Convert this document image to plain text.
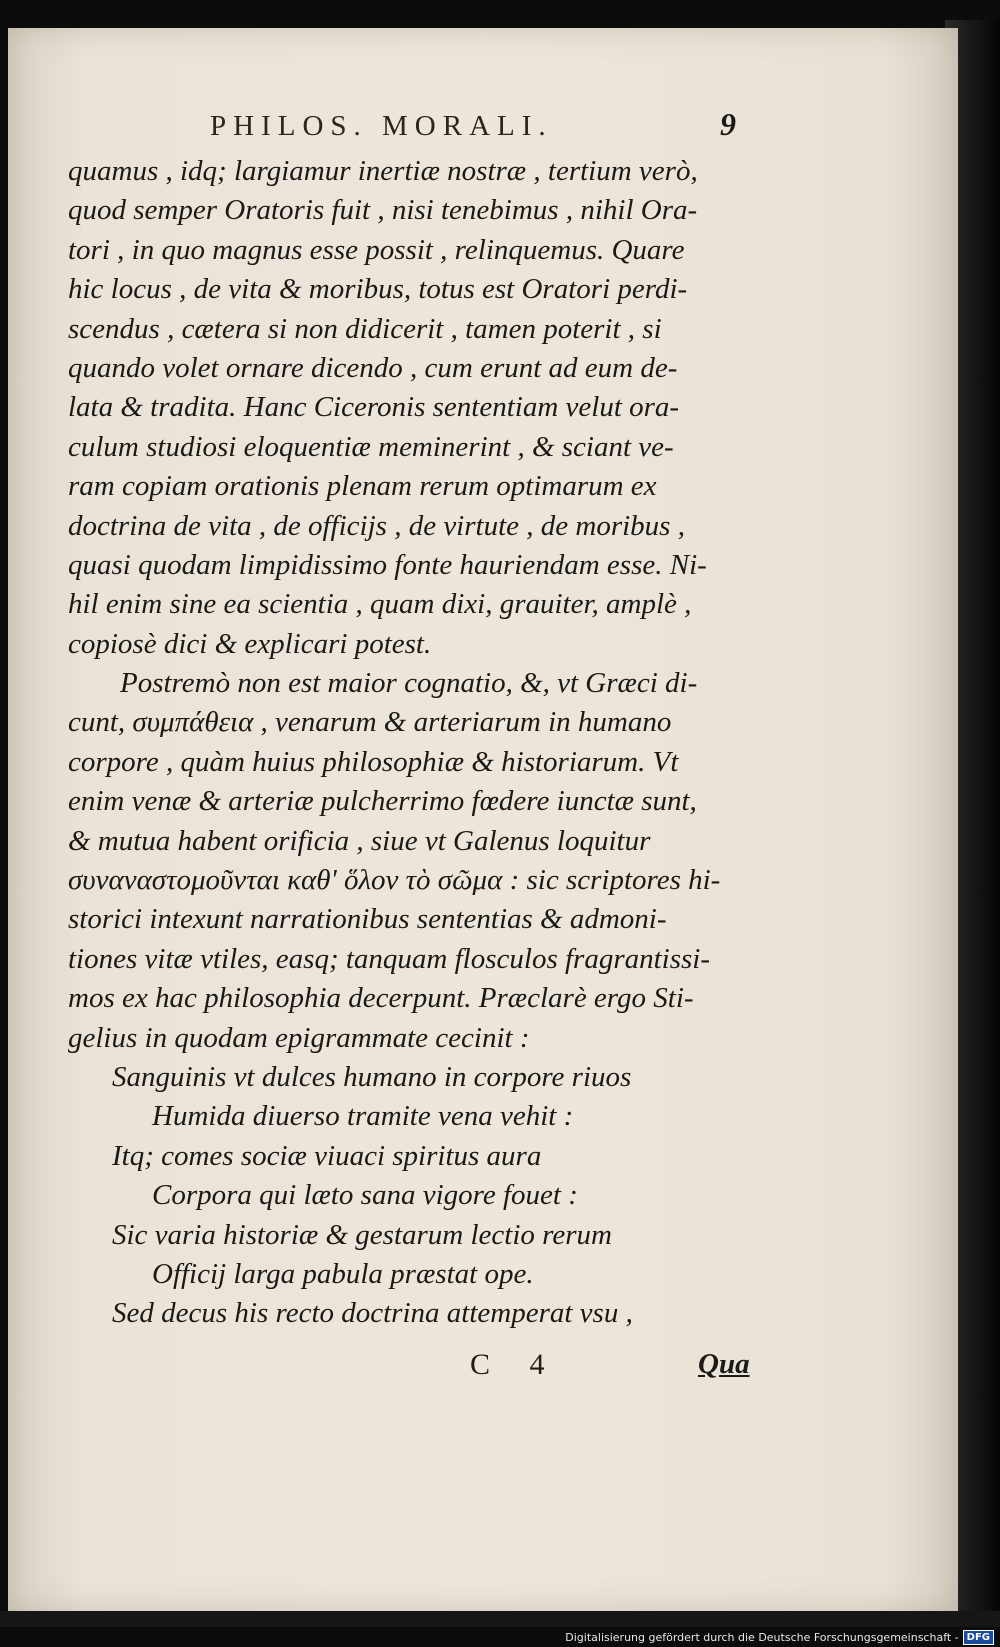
PHILOS. MORALI.	9
quamus , idq; largiamur inertiæ nostræ , tertium verò,
quod semper Oratoris fuit , nisi tenebimus , nihil Ora-
tori , in quo magnus esse possit , relinquemus. Quare
hic locus , de vita & moribus, totus est Oratori perdi-
scendus , cætera si non didicerit , tamen poterit , si
quando volet ornare dicendo , cum erunt ad eum de-
lata & tradita. Hanc Ciceronis sententiam velut ora-
culum studiosi eloquentiæ meminerint , & sciant ve-
ram copiam orationis plenam rerum optimarum ex
doctrina de vita , de officijs , de virtute , de moribus ,
quasi quodam limpidissimo fonte hauriendam esse. Ni-
hil enim sine ea scientia , quam dixi, grauiter, amplè ,
copiosè dici & explicari potest.
Postremò non est maior cognatio, &, vt Græci di-
cunt, συμπάθεια , venarum & arteriarum in humano
corpore , quàm huius philosophiæ & historiarum. Vt
enim venæ & arteriæ pulcherrimo fœdere iunctæ sunt,
& mutua habent orificia , siue vt Galenus loquitur
συναναστομοῦνται καθ' ὅλον τὸ σῶμα : sic scriptores hi-
storici intexunt narrationibus sententias & admoni-
tiones vitæ vtiles, easq; tanquam flosculos fragrantissi-
mos ex hac philosophia decerpunt. Præclarè ergo Sti-
gelius in quodam epigrammate cecinit :
Sanguinis vt dulces humano in corpore riuos
Humida diuerso tramite vena vehit :
Itq; comes sociæ viuaci spiritus aura
Corpora qui læto sana vigore fouet :
Sic varia historiæ & gestarum lectio rerum
Officij larga pabula præstat ope.
Sed decus his recto doctrina attemperat vsu ,
C 4	Qua
Digitalisierung gefördert durch die Deutsche Forschungsgemeinschaft - DFG
